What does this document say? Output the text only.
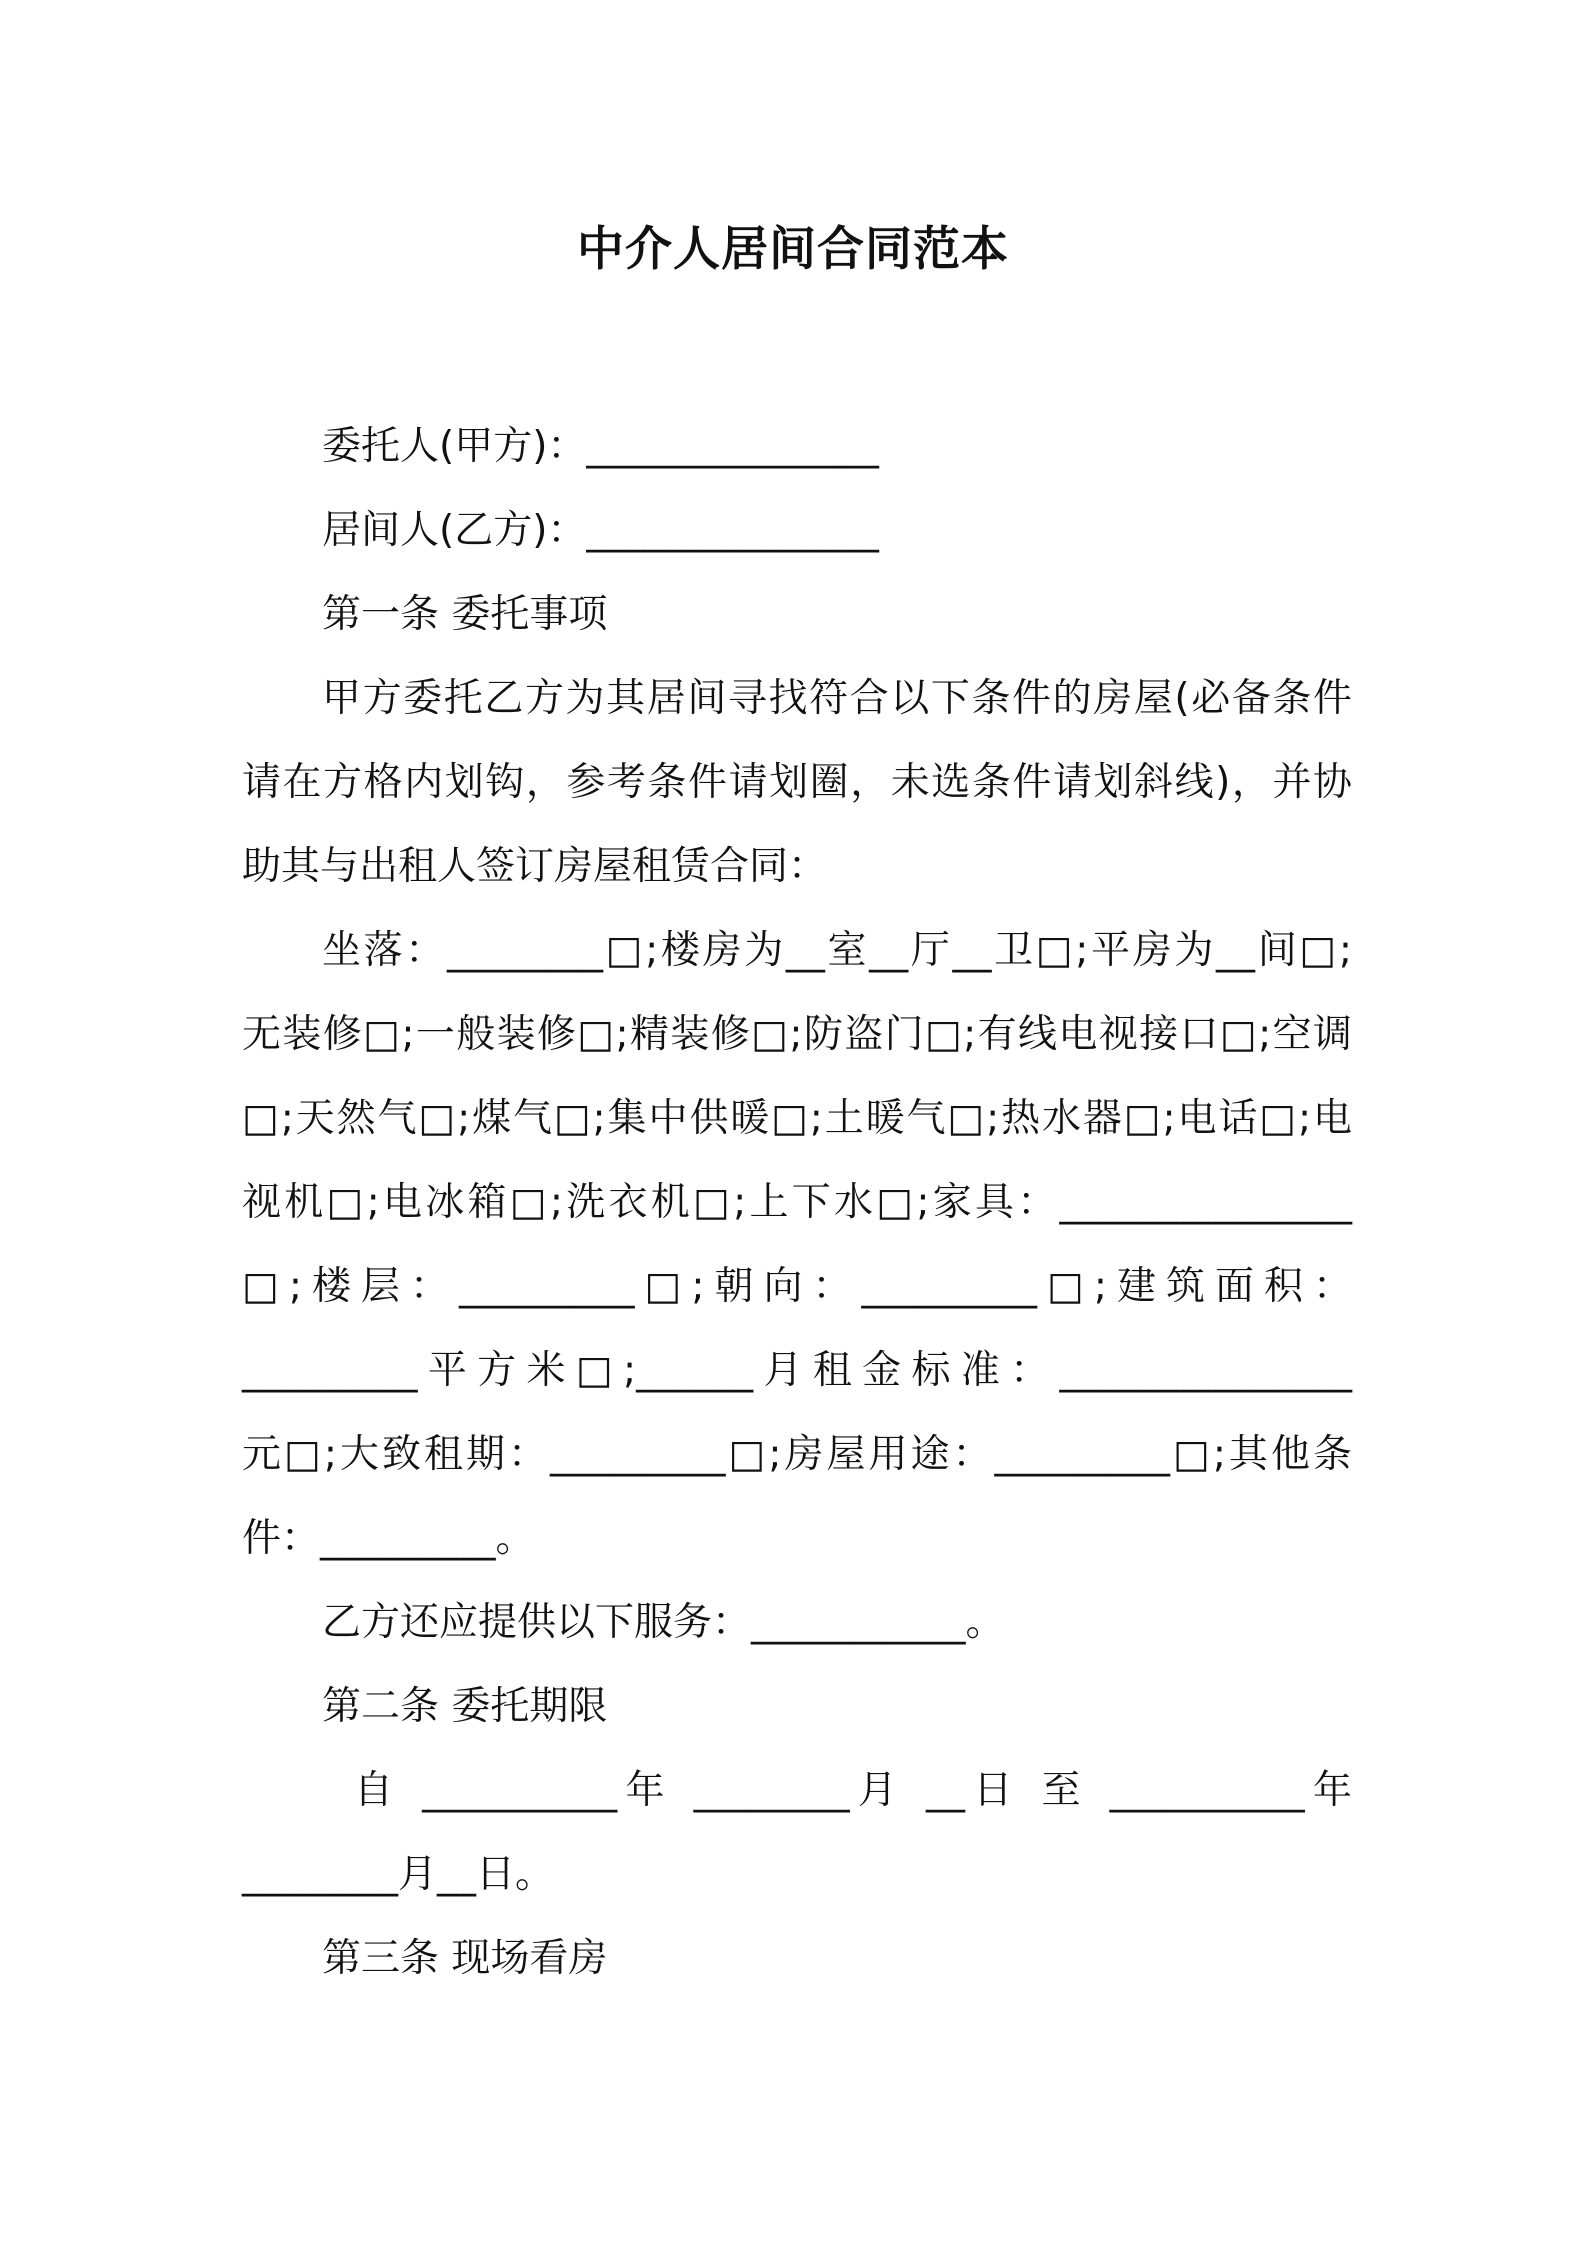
中介人居间合同范本

委托人(甲方)：_______________

居间人(乙方)：_______________

第一条 委托事项

甲方委托乙方为其居间寻找符合以下条件的房屋(必备条件

请在方格内划钩，参考条件请划圈，未选条件请划斜线)，并协

助其与出租人签订房屋租赁合同：

坐落：________□;楼房为__室__厅__卫□;平房为__间□;

无装修□;一般装修□;精装修□;防盗门□;有线电视接口□;空调

□;天然气□;煤气□;集中供暖□;土暖气□;热水器□;电话□;电

视机□;电冰箱□;洗衣机□;上下水□;家具：_______________

□;楼层：_________□;朝向：_________□;建筑面积：

_________平方米□;______月租金标准：_______________

元□;大致租期：_________□;房屋用途：_________□;其他条

件：_________。

乙方还应提供以下服务：___________。

第二条 委托期限

自 __________年 ________月 __日 至 __________年

________月__日。

第三条 现场看房
